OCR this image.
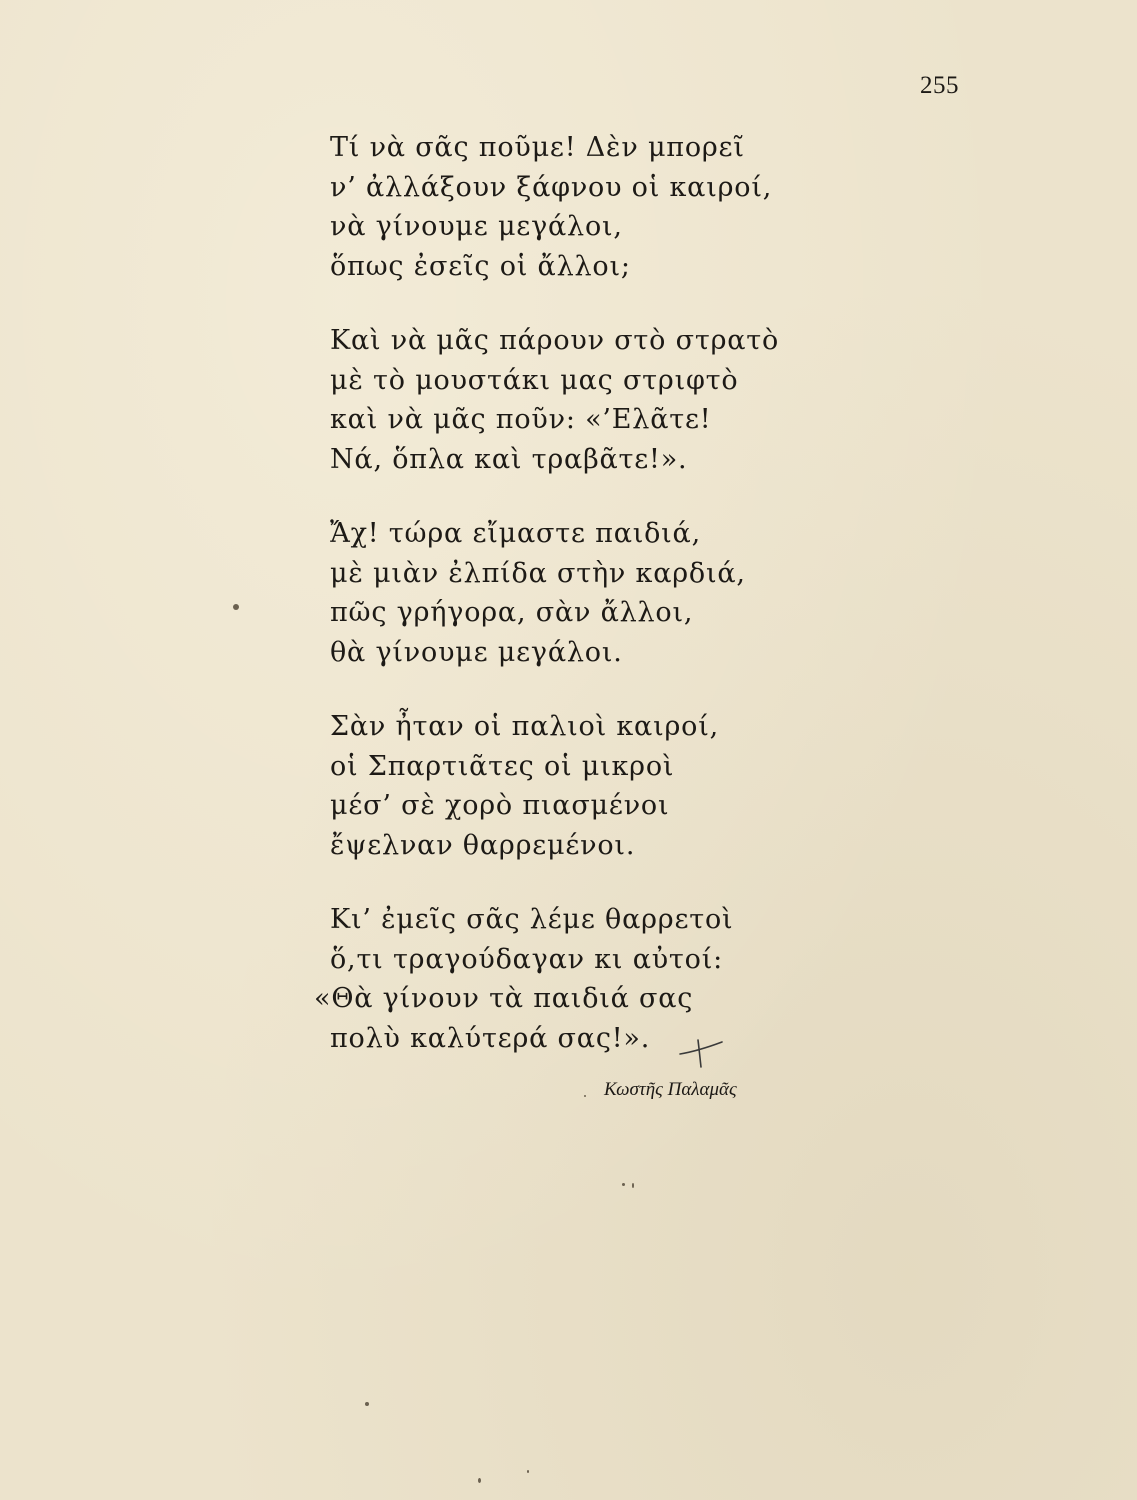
255
Τί νὰ σᾶς ποῦμε! Δὲν μπορεῖ
ν’ ἀλλάξουν ξάφνου οἱ καιροί,
νὰ γίνουμε μεγάλοι,
ὅπως ἐσεῖς οἱ ἄλλοι;
Καὶ νὰ μᾶς πάρουν στὸ στρατὸ
μὲ τὸ μουστάκι μας στριφτὸ
καὶ νὰ μᾶς ποῦν: «’Ελᾶτε!
Νά, ὅπλα καὶ τραβᾶτε!».
Ἄχ! τώρα εἴμαστε παιδιά,
μὲ μιὰν ἐλπίδα στὴν καρδιά,
πῶς γρήγορα, σὰν ἄλλοι,
θὰ γίνουμε μεγάλοι.
Σὰν ἦταν οἱ παλιοὶ καιροί,
οἱ Σπαρτιᾶτες οἱ μικροὶ
μέσ’ σὲ χορὸ πιασμένοι
ἔψελναν θαρρεμένοι.
Κι’ ἐμεῖς σᾶς λέμε θαρρετοὶ
ὅ,τι τραγούδαγαν κι αὐτοί:
«Θὰ γίνουν τὰ παιδιά σας
πολὺ καλύτερά σας!».
Κωστῆς Παλαμᾶς
